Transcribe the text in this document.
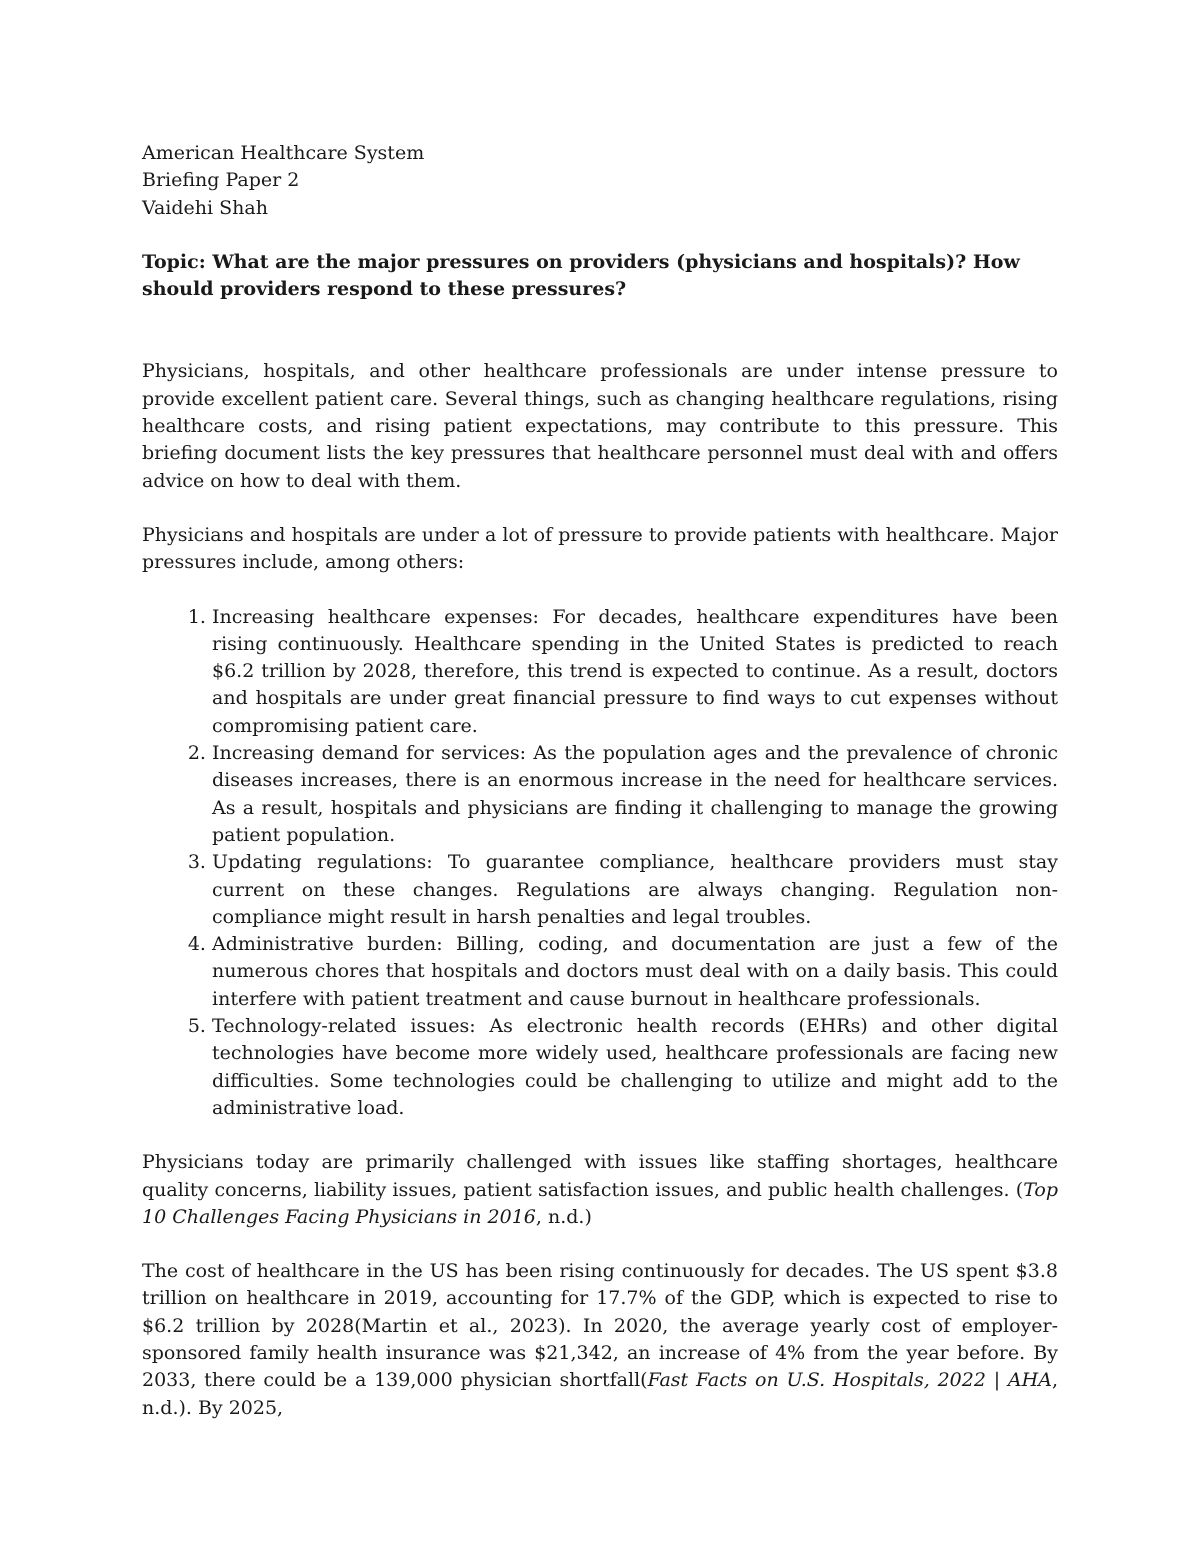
American Healthcare System
Briefing Paper 2
Vaidehi Shah
Topic: What are the major pressures on providers (physicians and hospitals)? How should providers respond to these pressures?

Physicians, hospitals, and other healthcare professionals are under intense pressure to provide excellent patient care. Several things, such as changing healthcare regulations, rising healthcare costs, and rising patient expectations, may contribute to this pressure. This briefing document lists the key pressures that healthcare personnel must deal with and offers advice on how to deal with them.

Physicians and hospitals are under a lot of pressure to provide patients with healthcare. Major pressures include, among others:

1. Increasing healthcare expenses: For decades, healthcare expenditures have been rising continuously. Healthcare spending in the United States is predicted to reach $6.2 trillion by 2028, therefore, this trend is expected to continue. As a result, doctors and hospitals are under great financial pressure to find ways to cut expenses without compromising patient care.
2. Increasing demand for services: As the population ages and the prevalence of chronic diseases increases, there is an enormous increase in the need for healthcare services. As a result, hospitals and physicians are finding it challenging to manage the growing patient population.
3. Updating regulations: To guarantee compliance, healthcare providers must stay current on these changes. Regulations are always changing. Regulation non-compliance might result in harsh penalties and legal troubles.
4. Administrative burden: Billing, coding, and documentation are just a few of the numerous chores that hospitals and doctors must deal with on a daily basis. This could interfere with patient treatment and cause burnout in healthcare professionals.
5. Technology-related issues: As electronic health records (EHRs) and other digital technologies have become more widely used, healthcare professionals are facing new difficulties. Some technologies could be challenging to utilize and might add to the administrative load.

Physicians today are primarily challenged with issues like staffing shortages, healthcare quality concerns, liability issues, patient satisfaction issues, and public health challenges. (Top 10 Challenges Facing Physicians in 2016, n.d.)

The cost of healthcare in the US has been rising continuously for decades. The US spent $3.8 trillion on healthcare in 2019, accounting for 17.7% of the GDP, which is expected to rise to $6.2 trillion by 2028(Martin et al., 2023). In 2020, the average yearly cost of employer-sponsored family health insurance was $21,342, an increase of 4% from the year before. By 2033, there could be a 139,000 physician shortfall(Fast Facts on U.S. Hospitals, 2022 | AHA, n.d.). By 2025,
